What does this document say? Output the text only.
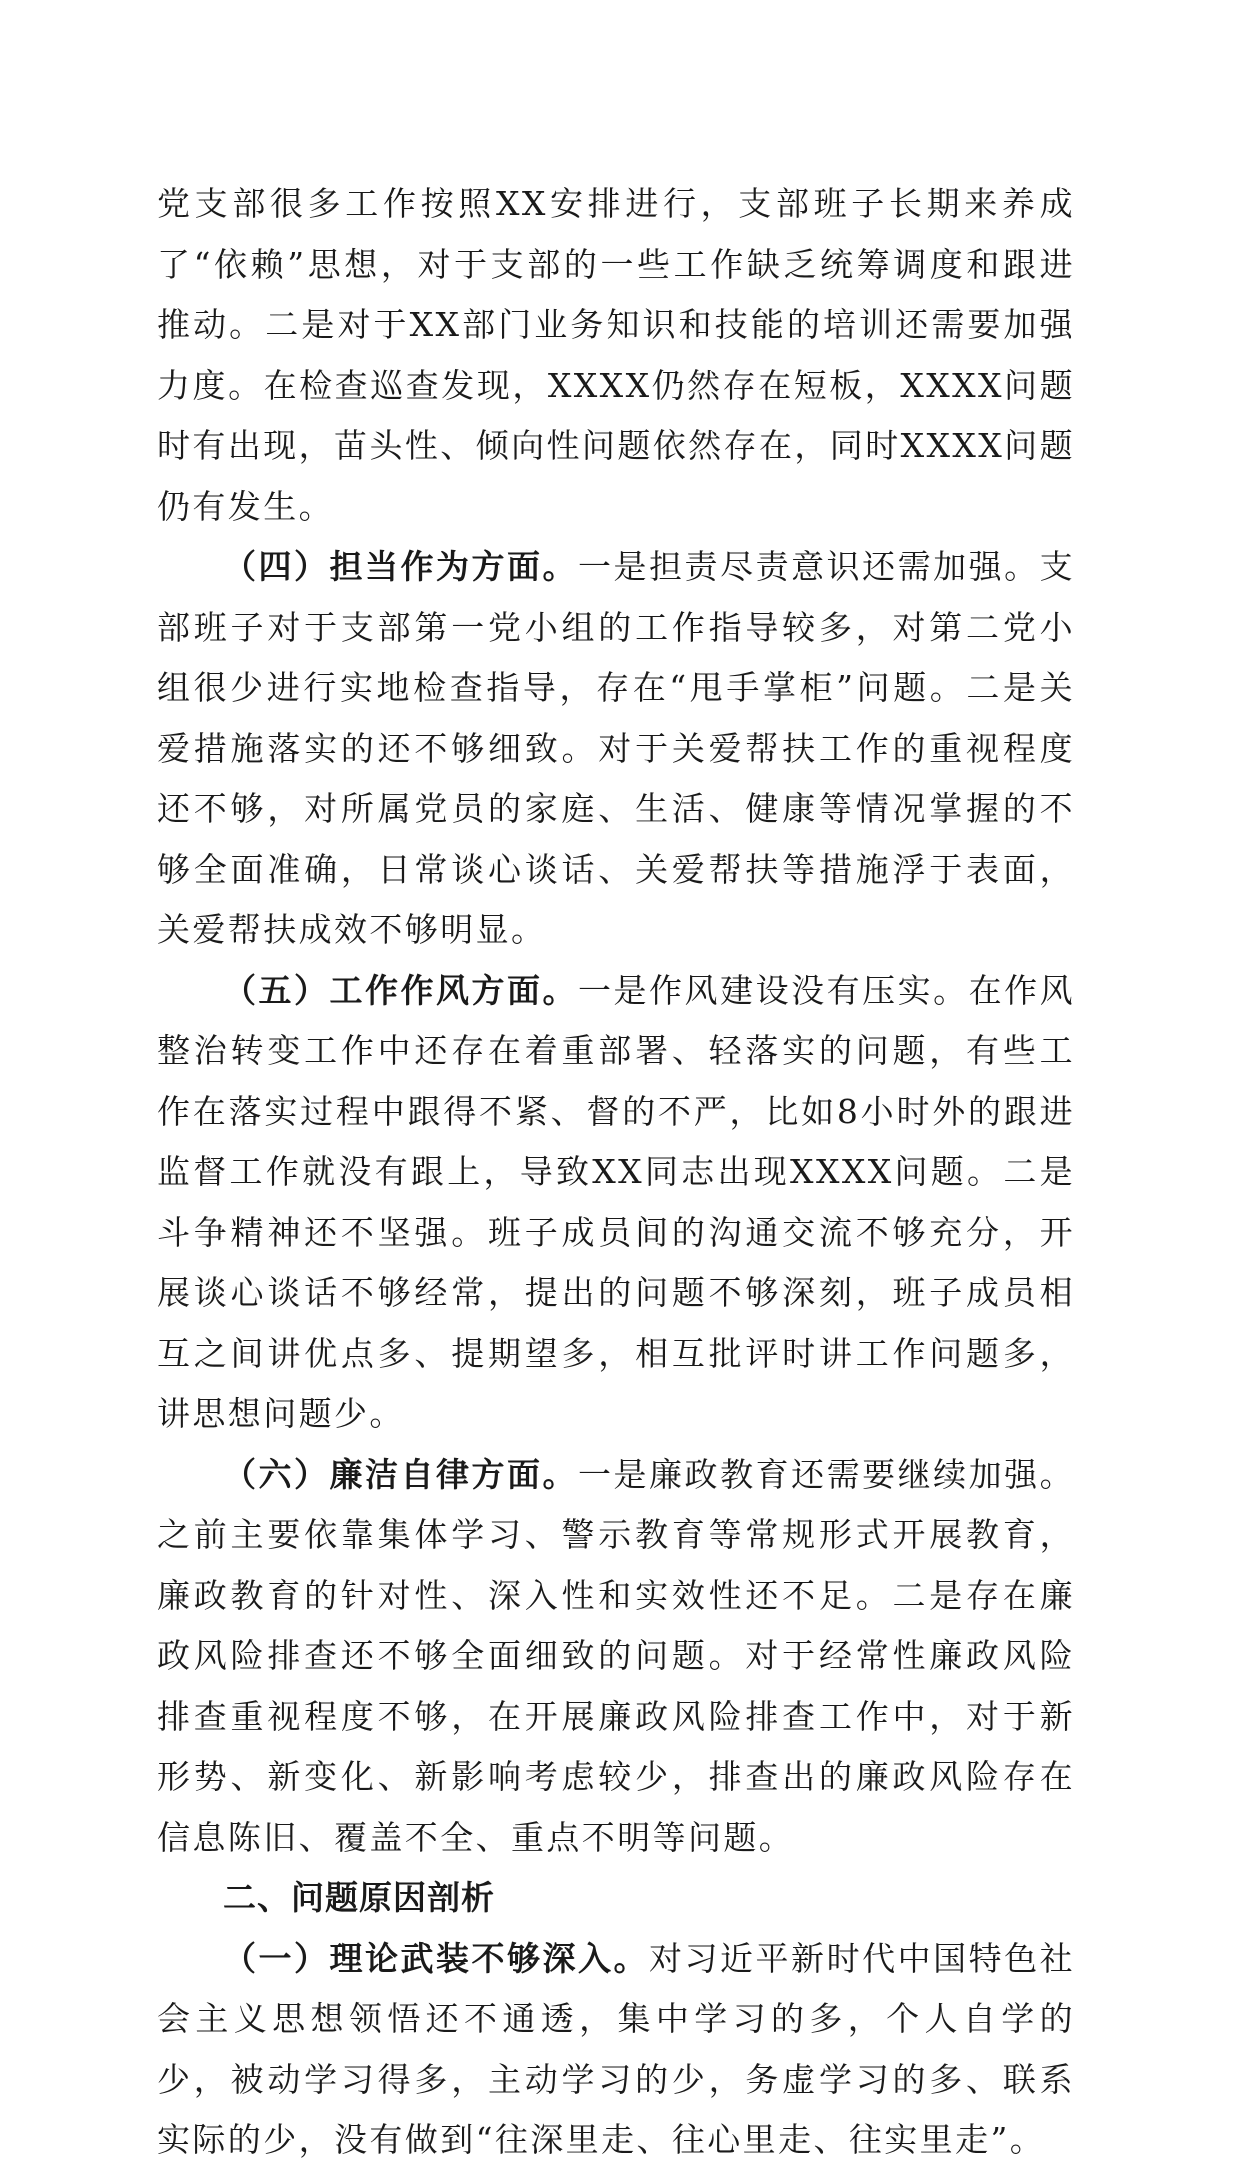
党支部很多工作按照XX安排进行，支部班子长期来养成了“依赖”思想，对于支部的一些工作缺乏统筹调度和跟进推动。二是对于XX部门业务知识和技能的培训还需要加强力度。在检查巡查发现，XXXX仍然存在短板，XXXX问题时有出现，苗头性、倾向性问题依然存在，同时XXXX问题仍有发生。

（四）担当作为方面。一是担责尽责意识还需加强。支部班子对于支部第一党小组的工作指导较多，对第二党小组很少进行实地检查指导，存在“甩手掌柜”问题。二是关爱措施落实的还不够细致。对于关爱帮扶工作的重视程度还不够，对所属党员的家庭、生活、健康等情况掌握的不够全面准确，日常谈心谈话、关爱帮扶等措施浮于表面，关爱帮扶成效不够明显。

（五）工作作风方面。一是作风建设没有压实。在作风整治转变工作中还存在着重部署、轻落实的问题，有些工作在落实过程中跟得不紧、督的不严，比如8小时外的跟进监督工作就没有跟上，导致XX同志出现XXXX问题。二是斗争精神还不坚强。班子成员间的沟通交流不够充分，开展谈心谈话不够经常，提出的问题不够深刻，班子成员相互之间讲优点多、提期望多，相互批评时讲工作问题多，讲思想问题少。

（六）廉洁自律方面。一是廉政教育还需要继续加强。之前主要依靠集体学习、警示教育等常规形式开展教育，廉政教育的针对性、深入性和实效性还不足。二是存在廉政风险排查还不够全面细致的问题。对于经常性廉政风险排查重视程度不够，在开展廉政风险排查工作中，对于新形势、新变化、新影响考虑较少，排查出的廉政风险存在信息陈旧、覆盖不全、重点不明等问题。

二、问题原因剖析

（一）理论武装不够深入。对习近平新时代中国特色社会主义思想领悟还不通透，集中学习的多，个人自学的少，被动学习得多，主动学习的少，务虚学习的多、联系实际的少，没有做到“往深里走、往心里走、往实里走”。
